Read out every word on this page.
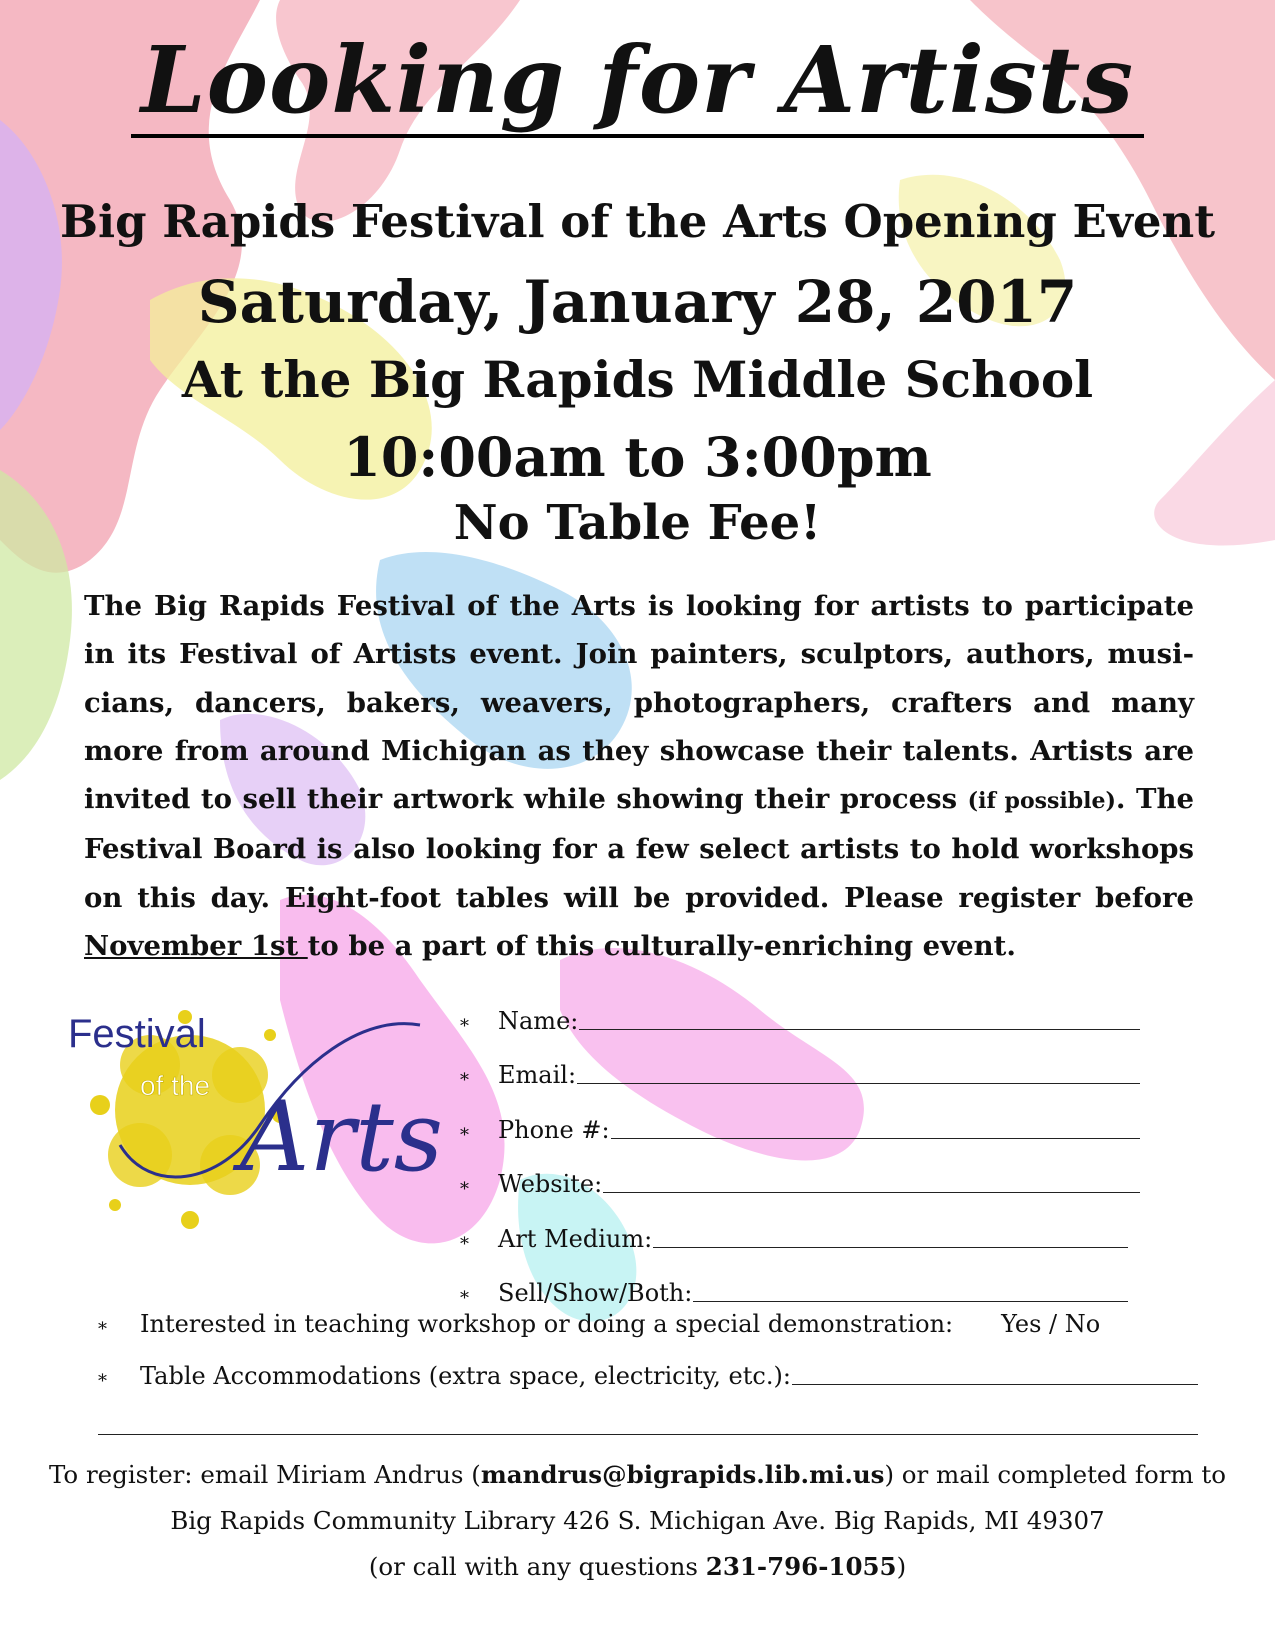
Looking for Artists
Big Rapids Festival of the Arts Opening Event
Saturday, January 28, 2017
At the Big Rapids Middle School
10:00am to 3:00pm
No Table Fee!
The Big Rapids Festival of the Arts is looking for artists to participate in its Festival of Artists event. Join painters, sculptors, authors, musicians, dancers, bakers, weavers, photographers, crafters and many more from around Michigan as they showcase their talents. Artists are invited to sell their artwork while showing their process (if possible). The Festival Board is also looking for a few select artists to hold workshops on this day. Eight-foot tables will be provided. Please register before November 1st to be a part of this culturally-enriching event.
Festival
of the Arts
⁎	Name:
⁎	Email:
⁎	Phone #:
⁎	Website:
⁎	Art Medium:
⁎	Sell/Show/Both:
⁎	Interested in teaching workshop or doing a special demonstration: Yes / No
⁎	Table Accommodations (extra space, electricity, etc.):
To register: email Miriam Andrus (mandrus@bigrapids.lib.mi.us) or mail completed form to
Big Rapids Community Library 426 S. Michigan Ave. Big Rapids, MI 49307
(or call with any questions 231-796-1055)
